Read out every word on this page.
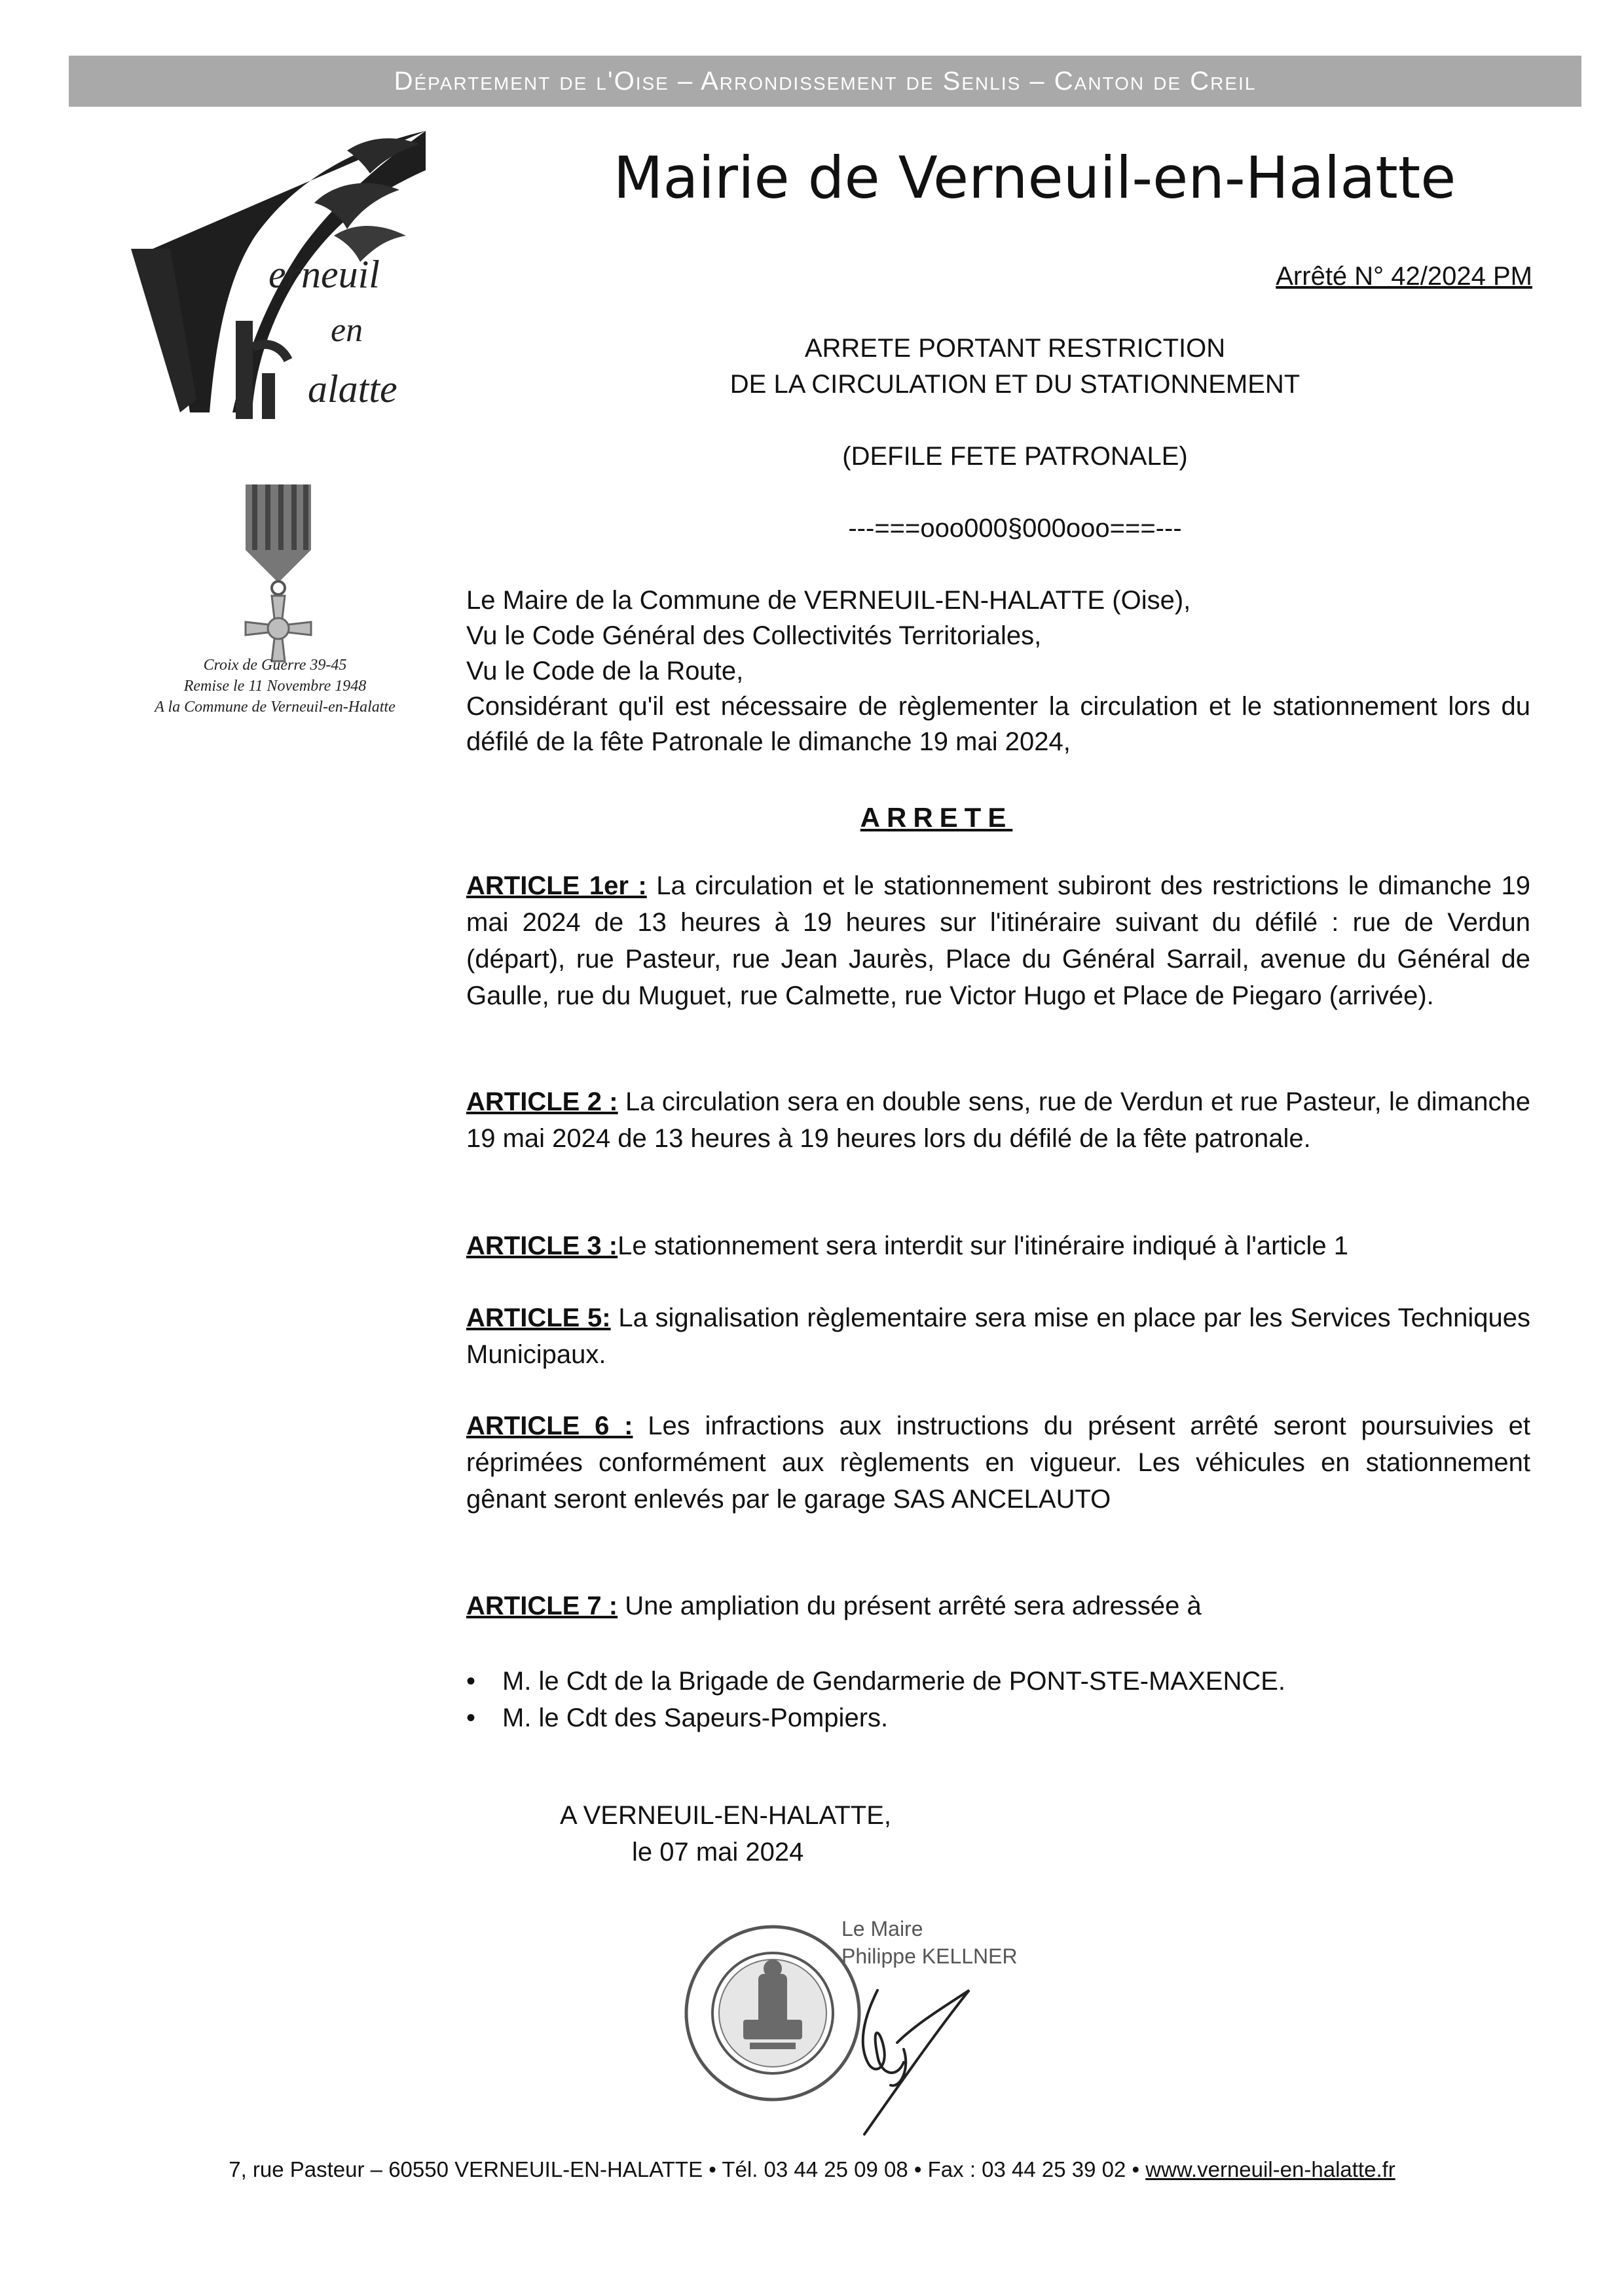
Département de l'Oise – Arrondissement de Senlis – Canton de Creil
Mairie de Verneuil-en-Halatte
erneuil
en
alatte
Croix de Guerre 39-45
Remise le 11 Novembre 1948
A la Commune de Verneuil-en-Halatte
Arrêté N° 42/2024 PM
ARRETE PORTANT RESTRICTION
DE LA CIRCULATION ET DU STATIONNEMENT
(DEFILE FETE PATRONALE)
---===ooo000§000ooo===---
Le Maire de la Commune de VERNEUIL-EN-HALATTE (Oise),
Vu le Code Général des Collectivités Territoriales,
Vu le Code de la Route,
Considérant qu'il est nécessaire de règlementer la circulation et le stationnement lors du défilé de la fête Patronale le dimanche 19 mai 2024,
ARRETE
ARTICLE 1er : La circulation et le stationnement subiront des restrictions le dimanche 19 mai 2024 de 13 heures à 19 heures sur l'itinéraire suivant du défilé : rue de Verdun (départ), rue Pasteur, rue Jean Jaurès, Place du Général Sarrail, avenue du Général de Gaulle, rue du Muguet, rue Calmette, rue Victor Hugo et Place de Piegaro (arrivée).
ARTICLE 2 : La circulation sera en double sens, rue de Verdun et rue Pasteur, le dimanche 19 mai 2024 de 13 heures à 19 heures lors du défilé de la fête patronale.
ARTICLE 3 :Le stationnement sera interdit sur l'itinéraire indiqué à l'article 1
ARTICLE 5: La signalisation règlementaire sera mise en place par les Services Techniques Municipaux.
ARTICLE 6 : Les infractions aux instructions du présent arrêté seront poursuivies et réprimées conformément aux règlements en vigueur. Les véhicules en stationnement gênant seront enlevés par le garage SAS ANCELAUTO
ARTICLE 7 : Une ampliation du présent arrêté sera adressée à
• M. le Cdt de la Brigade de Gendarmerie de PONT-STE-MAXENCE.
• M. le Cdt des Sapeurs-Pompiers.
A VERNEUIL-EN-HALATTE,
le 07 mai 2024
Le Maire
Philippe KELLNER
7, rue Pasteur – 60550 VERNEUIL-EN-HALATTE • Tél. 03 44 25 09 08 • Fax : 03 44 25 39 02 • www.verneuil-en-halatte.fr
